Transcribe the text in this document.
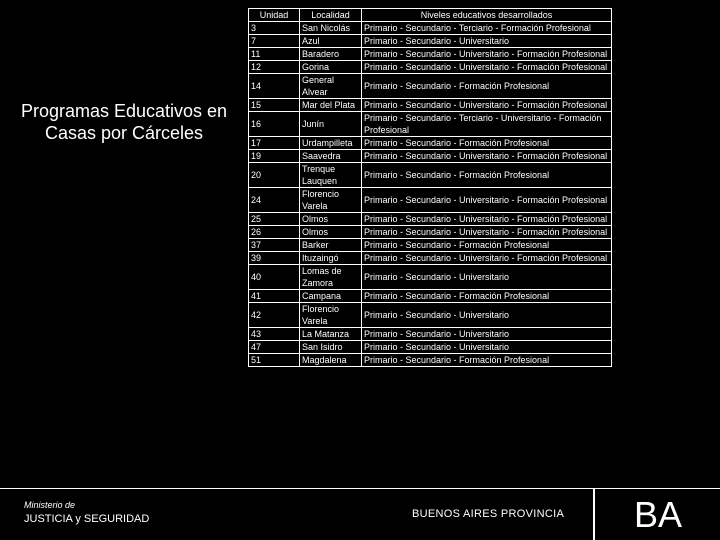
Programas Educativos en Casas por Cárceles
Unidad	Localidad	Niveles educativos desarrollados
3	San Nicolás	Primario - Secundario - Terciario - Formación Profesional
7	Azul	Primario - Secundario - Universitario
11	Baradero	Primario - Secundario - Universitario - Formación Profesional
12	Gorina	Primario - Secundario - Universitario - Formación Profesional
14	General Alvear	Primario - Secundario - Formación Profesional
15	Mar del Plata	Primario - Secundario - Universitario - Formación Profesional
16	Junín	Primario - Secundario - Terciario - Universitario - Formación Profesional
17	Urdampilleta	Primario - Secundario - Formación Profesional
19	Saavedra	Primario - Secundario - Universitario - Formación Profesional
20	Trenque Lauquen	Primario - Secundario - Formación Profesional
24	Florencio Varela	Primario - Secundario - Universitario - Formación Profesional
25	Olmos	Primario - Secundario - Universitario - Formación Profesional
26	Olmos	Primario - Secundario - Universitario - Formación Profesional
37	Barker	Primario - Secundario - Formación Profesional
39	Ituzaingó	Primario - Secundario - Universitario - Formación Profesional
40	Lomas de Zamora	Primario - Secundario - Universitario
41	Campana	Primario - Secundario - Formación Profesional
42	Florencio Varela	Primario - Secundario - Universitario
43	La Matanza	Primario - Secundario - Universitario
47	San Isidro	Primario - Secundario - Universitario
51	Magdalena	Primario - Secundario - Formación Profesional
Ministerio de
JUSTICIA y SEGURIDAD	BUENOS AIRES PROVINCIA BA
